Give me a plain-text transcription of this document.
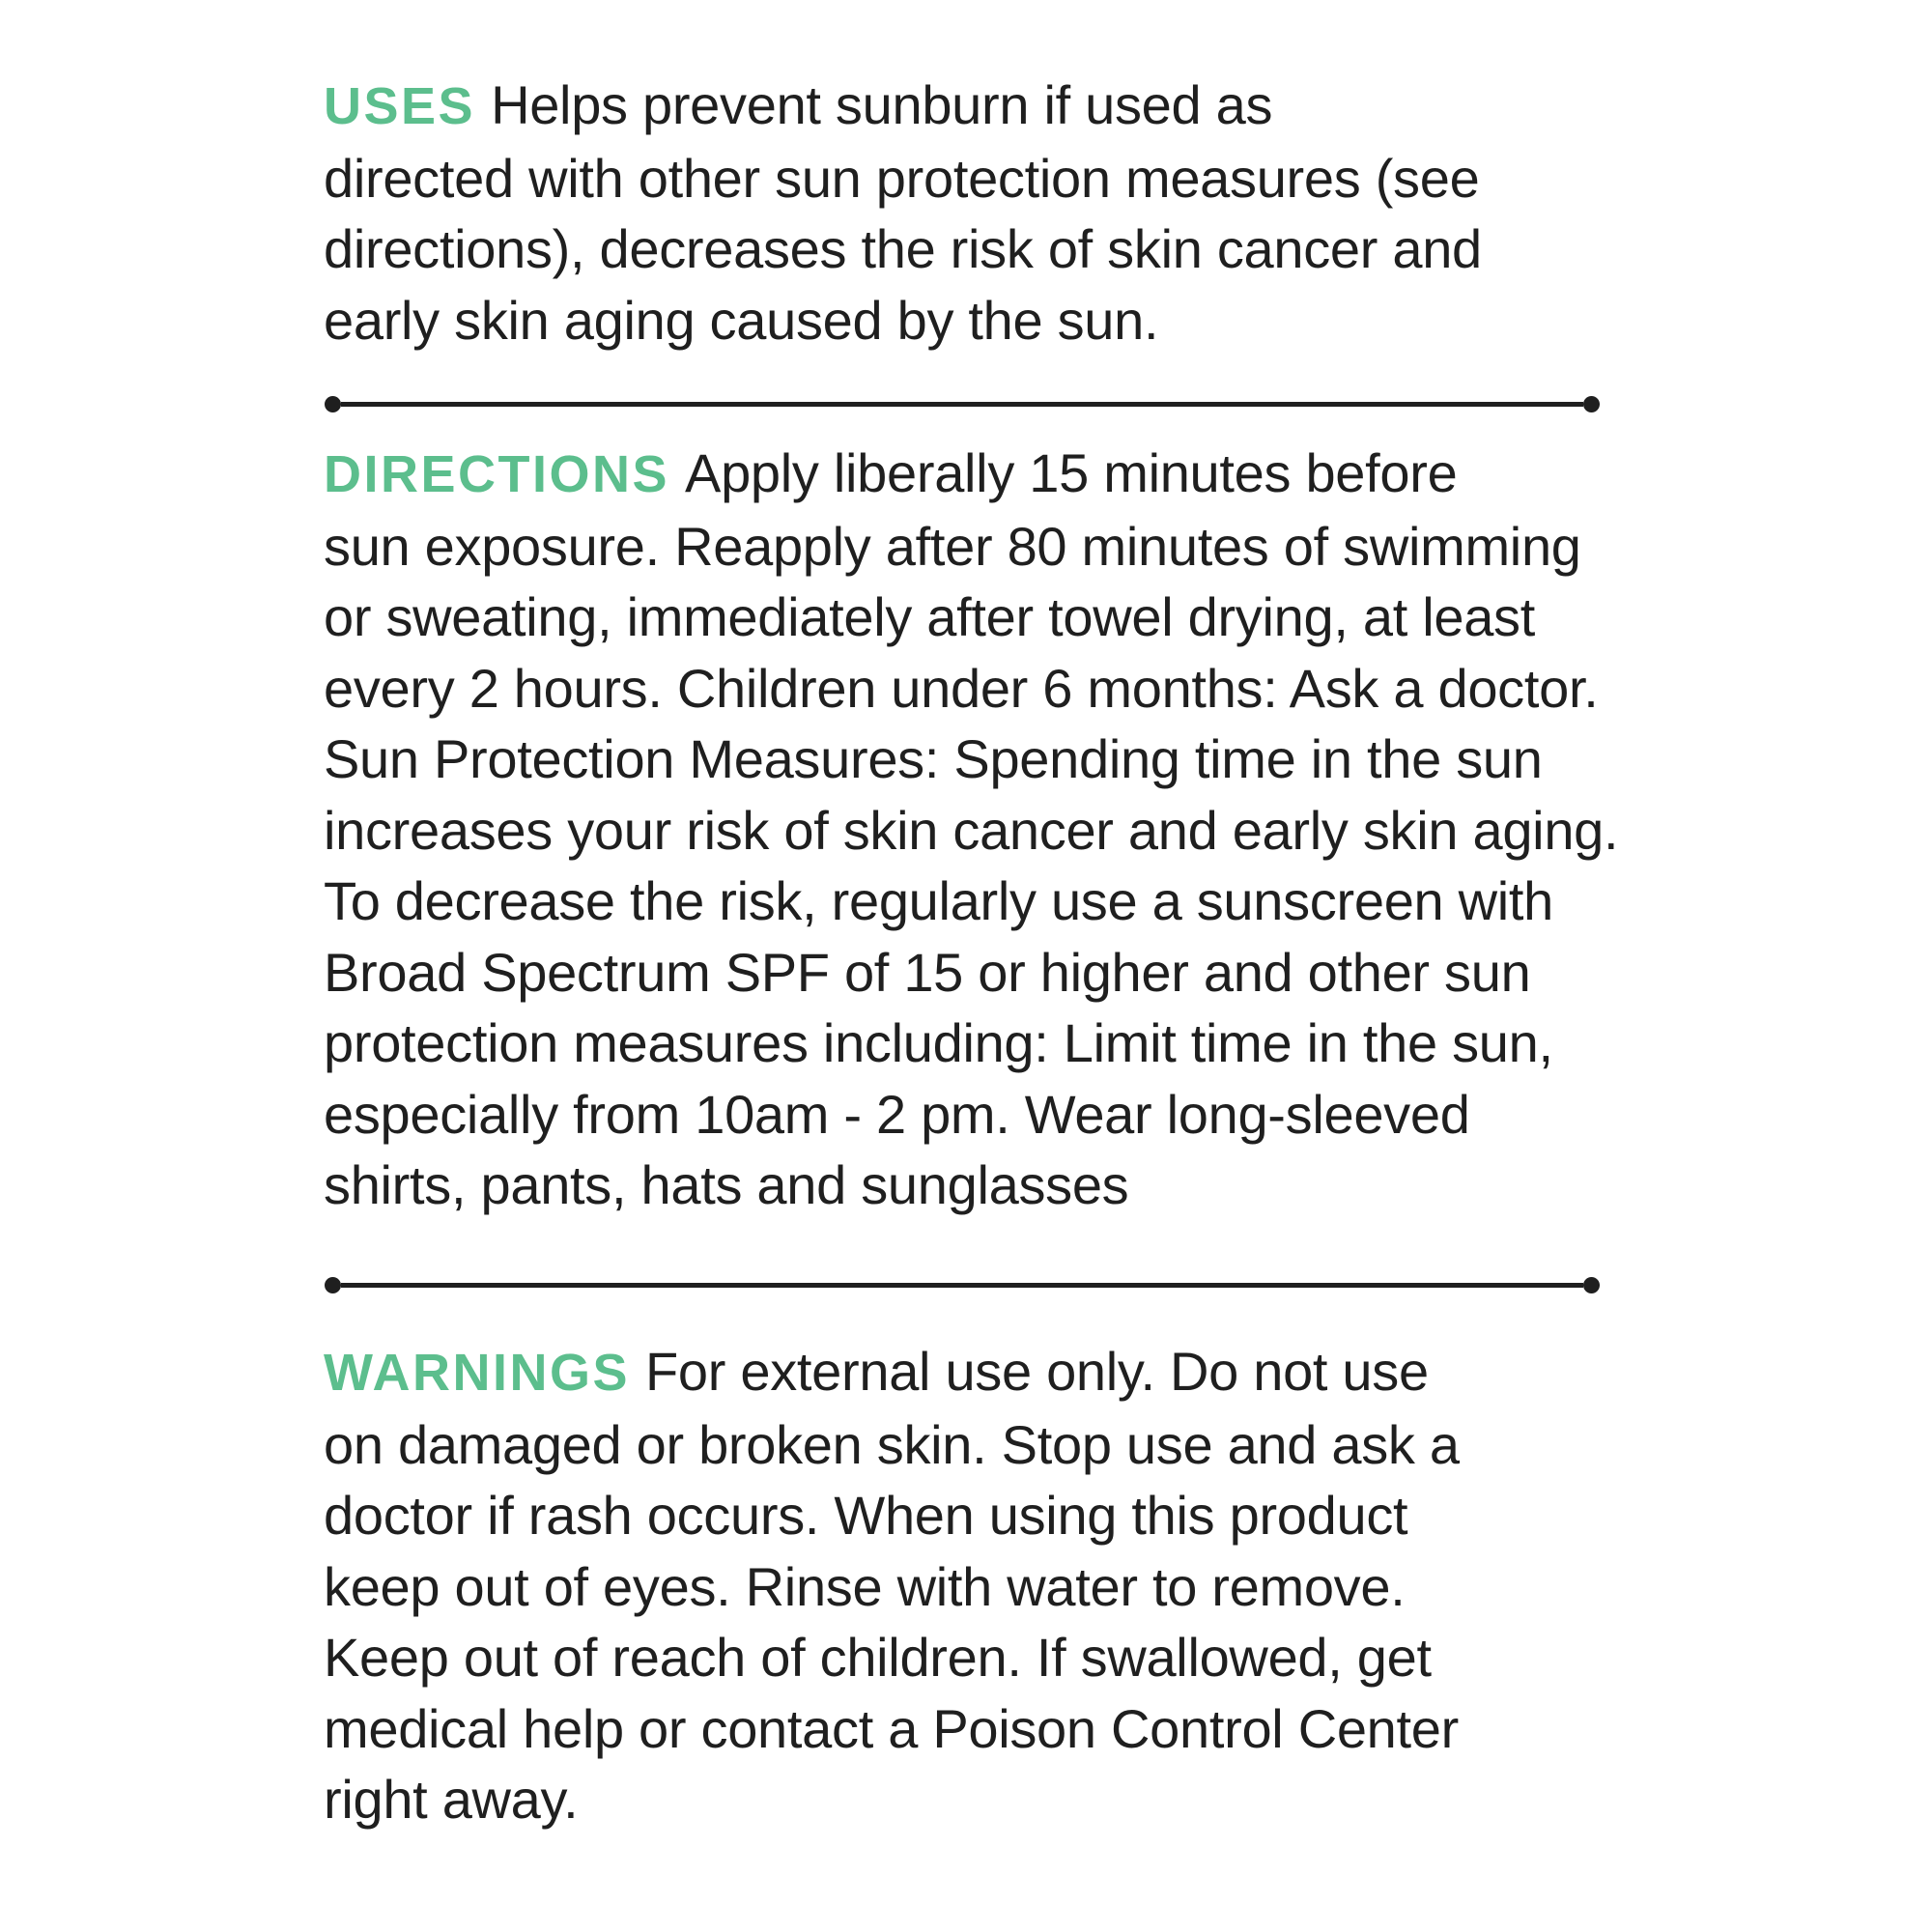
USES Helps prevent sunburn if used as
directed with other sun protection measures (see
directions), decreases the risk of skin cancer and
early skin aging caused by the sun.
DIRECTIONS Apply liberally 15 minutes before
sun exposure. Reapply after 80 minutes of swimming
or sweating, immediately after towel drying, at least
every 2 hours. Children under 6 months: Ask a doctor.
Sun Protection Measures: Spending time in the sun
increases your risk of skin cancer and early skin aging.
To decrease the risk, regularly use a sunscreen with
Broad Spectrum SPF of 15 or higher and other sun
protection measures including: Limit time in the sun,
especially from 10am - 2 pm. Wear long-sleeved
shirts, pants, hats and sunglasses
WARNINGS For external use only. Do not use
on damaged or broken skin. Stop use and ask a
doctor if rash occurs. When using this product
keep out of eyes. Rinse with water to remove.
Keep out of reach of children. If swallowed, get
medical help or contact a Poison Control Center
right away.
